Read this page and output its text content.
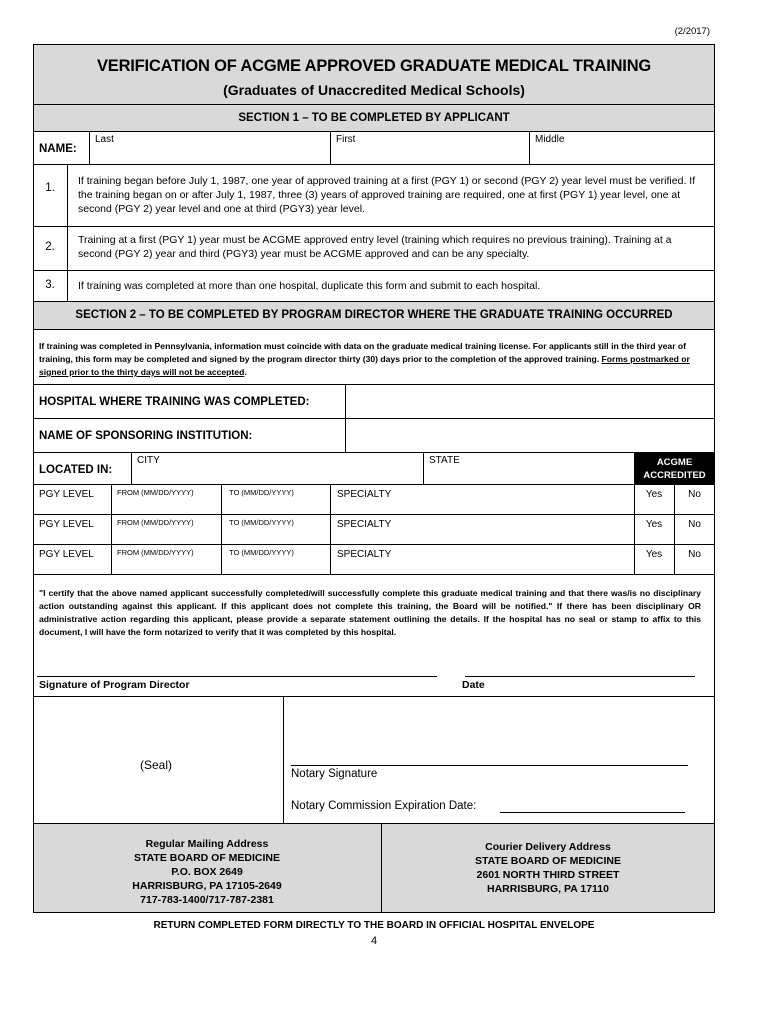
(2/2017)
VERIFICATION OF ACGME APPROVED GRADUATE MEDICAL TRAINING
(Graduates of Unaccredited Medical Schools)
SECTION 1 – TO BE COMPLETED BY APPLICANT
NAME:
Last	First	Middle
1.
If training began before July 1, 1987, one year of approved training at a first (PGY 1) or second (PGY 2) year level must be verified. If the training began on or after July 1, 1987, three (3) years of approved training are required, one at first (PGY 1) year level, one at second (PGY 2) year level and one at third (PGY3) year level.
2.
Training at a first (PGY 1) year must be ACGME approved entry level (training which requires no previous training). Training at a second (PGY 2) year and third (PGY3) year must be ACGME approved and can be any specialty.
3.	If training was completed at more than one hospital, duplicate this form and submit to each hospital.
SECTION 2 – TO BE COMPLETED BY PROGRAM DIRECTOR WHERE THE GRADUATE TRAINING OCCURRED
If training was completed in Pennsylvania, information must coincide with data on the graduate medical training license. For applicants still in the third year of training, this form may be completed and signed by the program director thirty (30) days prior to the completion of the approved training. Forms postmarked or signed prior to the thirty days will not be accepted.
HOSPITAL WHERE TRAINING WAS COMPLETED:
NAME OF SPONSORING INSTITUTION:
LOCATED IN:
CITY	STATE	ACGME
ACCREDITED
PGY LEVEL	FROM (MM/DD/YYYY)	TO (MM/DD/YYYY)	SPECIALTY	Yes	No
PGY LEVEL	FROM (MM/DD/YYYY)	TO (MM/DD/YYYY)	SPECIALTY	Yes	No
PGY LEVEL	FROM (MM/DD/YYYY)	TO (MM/DD/YYYY)	SPECIALTY	Yes	No
"I certify that the above named applicant successfully completed/will successfully complete this graduate medical training and that there was/is no disciplinary action outstanding against this applicant. If this applicant does not complete this training, the Board will be notified." If there has been disciplinary OR administrative action regarding this applicant, please provide a separate statement outlining the details. If the hospital has no seal or stamp to affix to this document, I will have the form notarized to verify that it was completed by this hospital.
Signature of Program Director	Date
(Seal)
Notary Signature
Notary Commission Expiration Date:
Regular Mailing Address
STATE BOARD OF MEDICINE
P.O. BOX 2649
HARRISBURG, PA 17105-2649
717-783-1400/717-787-2381
Courier Delivery Address
STATE BOARD OF MEDICINE
2601 NORTH THIRD STREET
HARRISBURG, PA 17110
RETURN COMPLETED FORM DIRECTLY TO THE BOARD IN OFFICIAL HOSPITAL ENVELOPE
4
